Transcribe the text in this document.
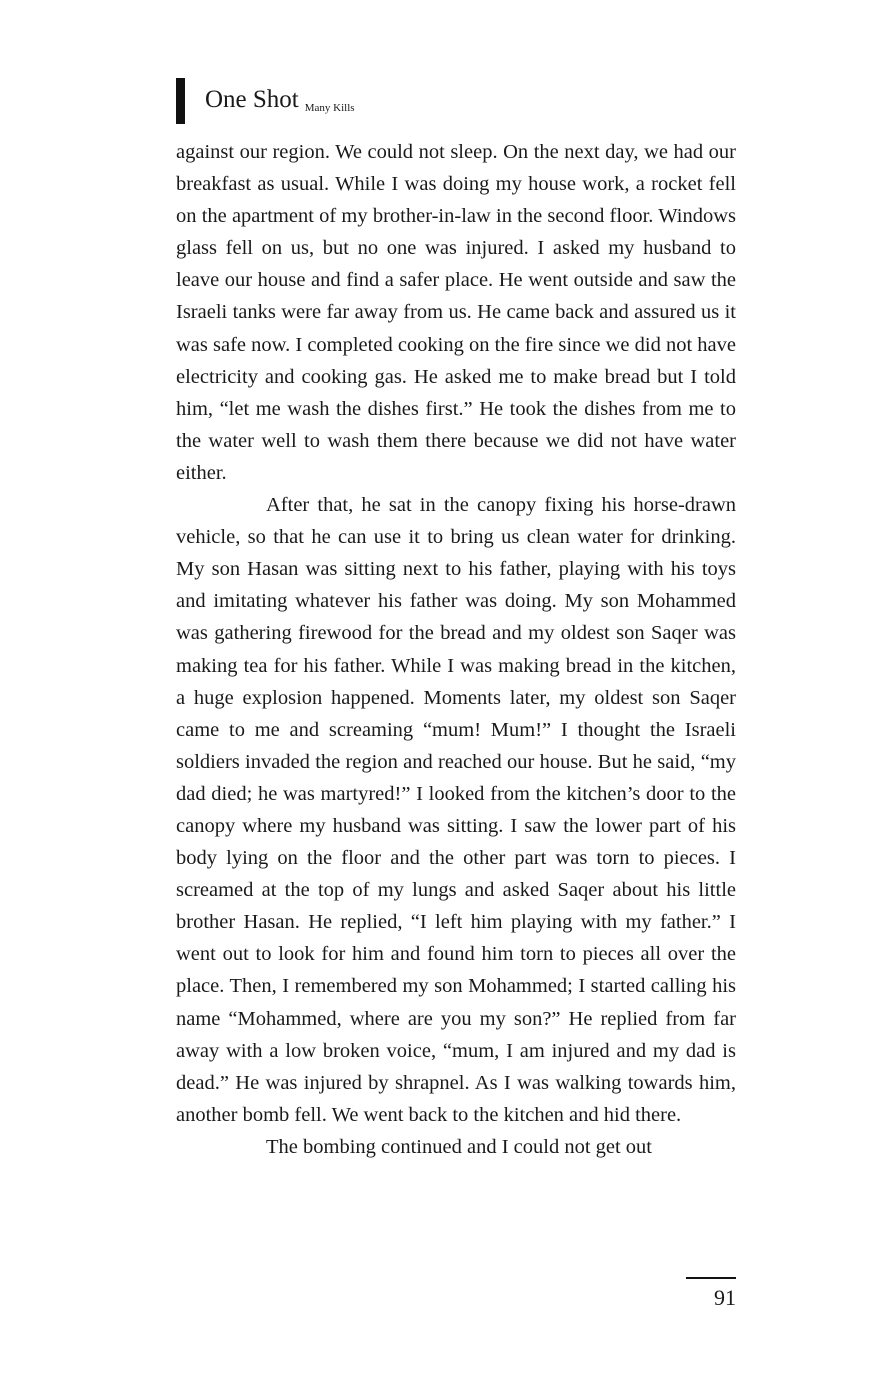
One Shot Many Kills

against our region. We could not sleep. On the next day, we had our breakfast as usual. While I was doing my house work, a rocket fell on the apartment of my brother-in-law in the second floor. Windows glass fell on us, but no one was injured. I asked my husband to leave our house and find a safer place. He went outside and saw the Israeli tanks were far away from us. He came back and assured us it was safe now. I completed cooking on the fire since we did not have electricity and cooking gas. He asked me to make bread but I told him, “let me wash the dishes first.” He took the dishes from me to the water well to wash them there because we did not have water either.

After that, he sat in the canopy fixing his horse-drawn vehicle, so that he can use it to bring us clean water for drinking. My son Hasan was sitting next to his father, playing with his toys and imitating whatever his father was doing. My son Mohammed was gathering firewood for the bread and my oldest son Saqer was making tea for his father. While I was making bread in the kitchen, a huge explosion happened. Moments later, my oldest son Saqer came to me and screaming “mum! Mum!” I thought the Israeli soldiers invaded the region and reached our house. But he said, “my dad died; he was martyred!” I looked from the kitchen’s door to the canopy where my husband was sitting. I saw the lower part of his body lying on the floor and the other part was torn to pieces. I screamed at the top of my lungs and asked Saqer about his little brother Hasan. He replied, “I left him playing with my father.” I went out to look for him and found him torn to pieces all over the place. Then, I remembered my son Mohammed; I started calling his name “Mohammed, where are you my son?” He replied from far away with a low broken voice, “mum, I am injured and my dad is dead.” He was injured by shrapnel. As I was walking towards him, another bomb fell. We went back to the kitchen and hid there.

The bombing continued and I could not get out

91
